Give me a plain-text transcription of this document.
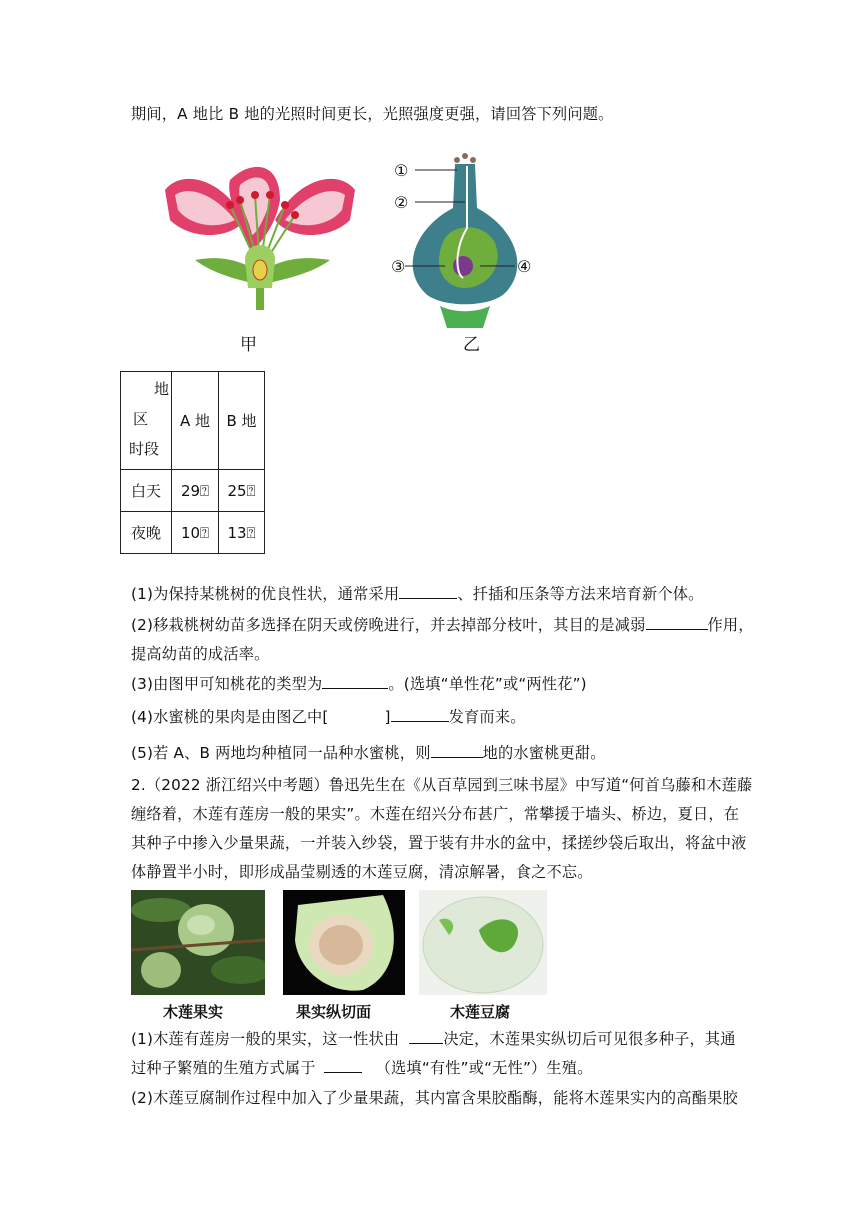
期间，A 地比 B 地的光照时间更长，光照强度更强，请回答下列问题。
①
②
③	④
甲	乙
地
区
时段	A 地	B 地
白天	29⍰	25⍰
夜晚	10⍰	13⍰
(1)为保持某桃树的优良性状，通常采用	、扦插和压条等方法来培育新个体。
(2)移栽桃树幼苗多选择在阴天或傍晚进行，并去掉部分枝叶，其目的是减弱	作用，
提高幼苗的成活率。
(3)由图甲可知桃花的类型为	。(选填“单性花”或“两性花”)
(4)水蜜桃的果肉是由图乙中[	]	发育而来。
(5)若 A、B 两地均种植同一品种水蜜桃，则	地的水蜜桃更甜。
2.（2022 浙江绍兴中考题）鲁迅先生在《从百草园到三味书屋》中写道“何首乌藤和木莲藤
缠络着，木莲有莲房一般的果实”。木莲在绍兴分布甚广，常攀援于墙头、桥边，夏日，在
其种子中掺入少量果蔬，一并装入纱袋，置于装有井水的盆中，揉搓纱袋后取出，将盆中液
体静置半小时，即形成晶莹剔透的木莲豆腐，清凉解暑，食之不忘。
木莲果实	果实纵切面	木莲豆腐
(1)木莲有莲房一般的果实，这一性状由	决定，木莲果实纵切后可见很多种子，其通
过种子繁殖的生殖方式属于	（选填“有性”或“无性”）生殖。
(2)木莲豆腐制作过程中加入了少量果蔬，其内富含果胶酯酶，能将木莲果实内的高酯果胶
